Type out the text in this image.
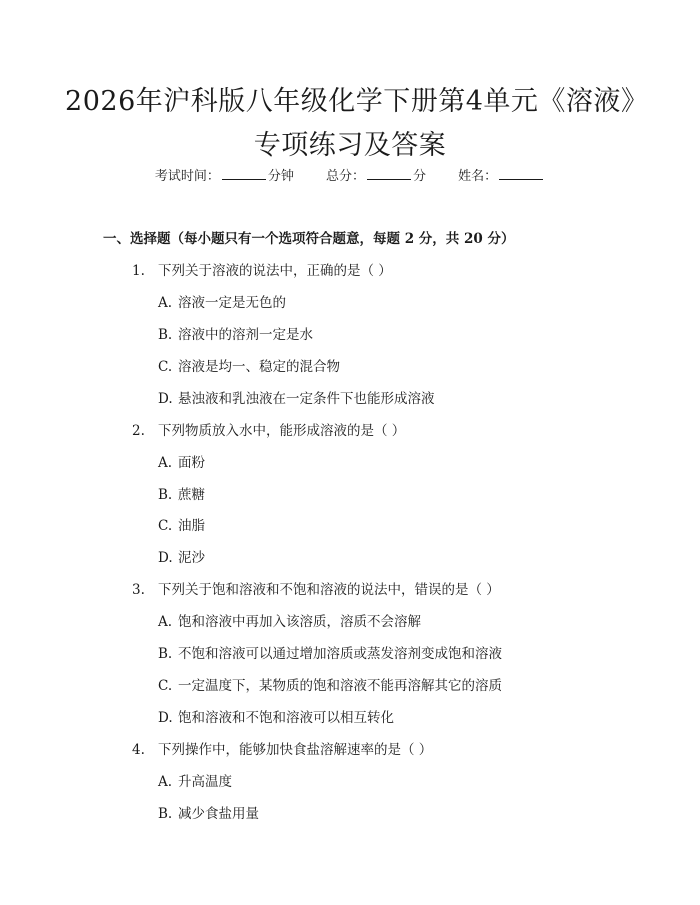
2026年沪科版八年级化学下册第4单元《溶液》专项练习及答案
考试时间：	分钟 总分：	分 姓名：
一、选择题（每小题只有一个选项符合题意，每题 2 分，共 20 分）
1. 下列关于溶液的说法中，正确的是（ ）
A. 溶液一定是无色的
B. 溶液中的溶剂一定是水
C. 溶液是均一、稳定的混合物
D. 悬浊液和乳浊液在一定条件下也能形成溶液
2. 下列物质放入水中，能形成溶液的是（ ）
A. 面粉
B. 蔗糖
C. 油脂
D. 泥沙
3. 下列关于饱和溶液和不饱和溶液的说法中，错误的是（ ）
A. 饱和溶液中再加入该溶质，溶质不会溶解
B. 不饱和溶液可以通过增加溶质或蒸发溶剂变成饱和溶液
C. 一定温度下，某物质的饱和溶液不能再溶解其它的溶质
D. 饱和溶液和不饱和溶液可以相互转化
4. 下列操作中，能够加快食盐溶解速率的是（ ）
A. 升高温度
B. 减少食盐用量
